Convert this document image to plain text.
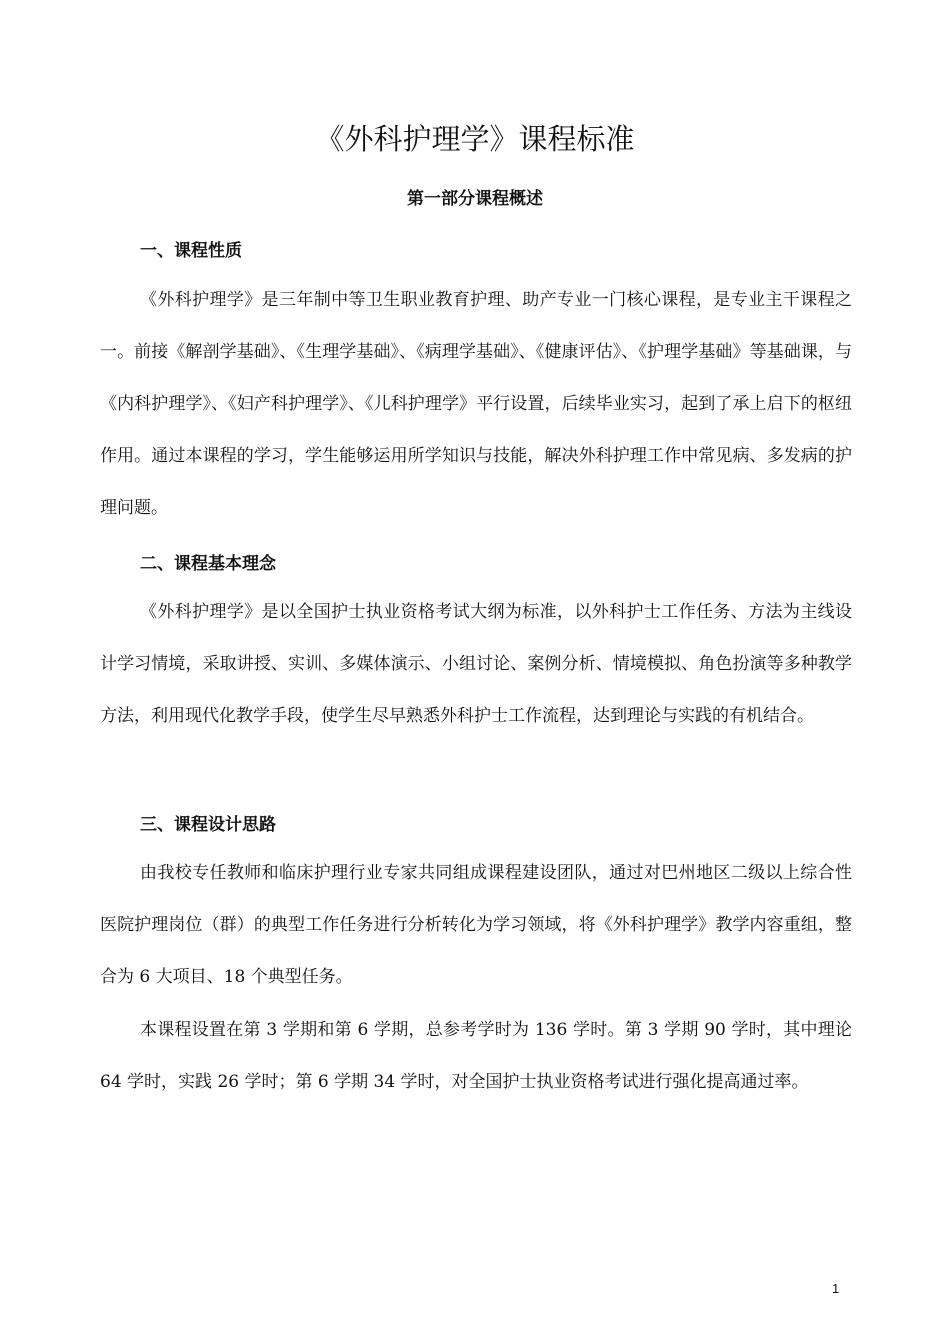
《外科护理学》课程标准
第一部分课程概述
一、课程性质

《外科护理学》是三年制中等卫生职业教育护理、助产专业一门核心课程，是专业主干课程之一。前接《解剖学基础》、《生理学基础》、《病理学基础》、《健康评估》、《护理学基础》等基础课，与《内科护理学》、《妇产科护理学》、《儿科护理学》平行设置，后续毕业实习，起到了承上启下的枢纽作用。通过本课程的学习，学生能够运用所学知识与技能，解决外科护理工作中常见病、多发病的护理问题。

二、课程基本理念

《外科护理学》是以全国护士执业资格考试大纲为标准，以外科护士工作任务、方法为主线设计学习情境，采取讲授、实训、多媒体演示、小组讨论、案例分析、情境模拟、角色扮演等多种教学方法，利用现代化教学手段，使学生尽早熟悉外科护士工作流程，达到理论与实践的有机结合。

三、课程设计思路

由我校专任教师和临床护理行业专家共同组成课程建设团队，通过对巴州地区二级以上综合性医院护理岗位（群）的典型工作任务进行分析转化为学习领域，将《外科护理学》教学内容重组，整合为 6 大项目、18 个典型任务。

本课程设置在第 3 学期和第 6 学期，总参考学时为 136 学时。第 3 学期 90 学时，其中理论 64 学时，实践 26 学时；第 6 学期 34 学时，对全国护士执业资格考试进行强化提高通过率。

1
